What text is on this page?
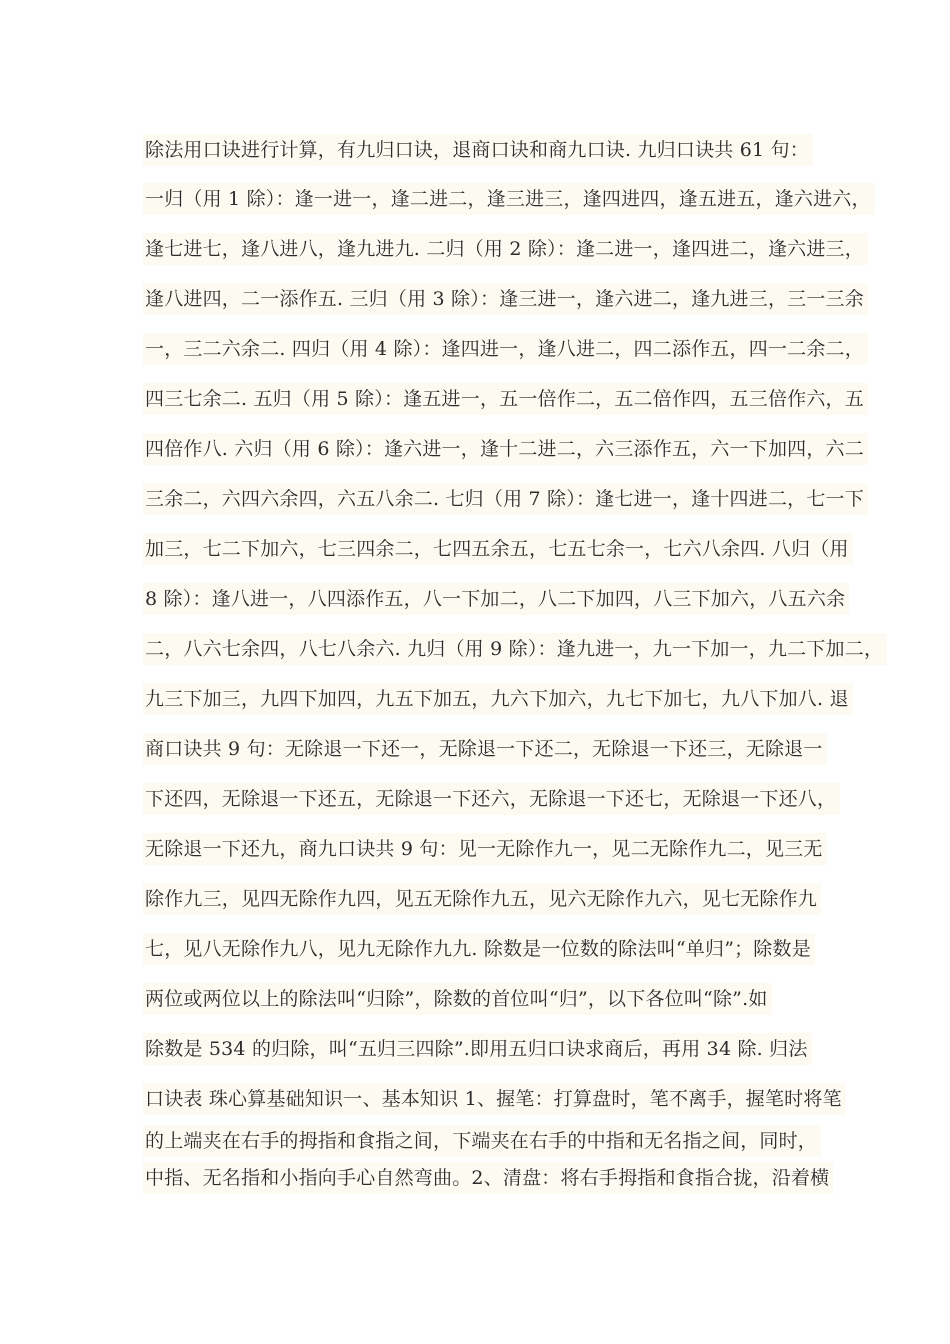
除法用口诀进行计算，有九归口诀，退商口诀和商九口诀. 九归口诀共 61 句：
一归（用 1 除）：逢一进一，逢二进二，逢三进三，逢四进四，逢五进五，逢六进六，
逢七进七，逢八进八，逢九进九. 二归（用 2 除）：逢二进一，逢四进二，逢六进三，
逢八进四，二一添作五. 三归（用 3 除）：逢三进一，逢六进二，逢九进三，三一三余
一，三二六余二. 四归（用 4 除）：逢四进一，逢八进二，四二添作五，四一二余二，
四三七余二. 五归（用 5 除）：逢五进一，五一倍作二，五二倍作四，五三倍作六，五
四倍作八. 六归（用 6 除）：逢六进一，逢十二进二，六三添作五，六一下加四，六二
三余二，六四六余四，六五八余二. 七归（用 7 除）：逢七进一，逢十四进二，七一下
加三，七二下加六，七三四余二，七四五余五，七五七余一，七六八余四. 八归（用
8 除）：逢八进一，八四添作五，八一下加二，八二下加四，八三下加六，八五六余
二，八六七余四，八七八余六. 九归（用 9 除）：逢九进一，九一下加一，九二下加二，
九三下加三，九四下加四，九五下加五，九六下加六，九七下加七，九八下加八. 退
商口诀共 9 句：无除退一下还一，无除退一下还二，无除退一下还三，无除退一
下还四，无除退一下还五，无除退一下还六，无除退一下还七，无除退一下还八，
无除退一下还九，商九口诀共 9 句：见一无除作九一，见二无除作九二，见三无
除作九三，见四无除作九四，见五无除作九五，见六无除作九六，见七无除作九
七，见八无除作九八，见九无除作九九. 除数是一位数的除法叫“单归”；除数是
两位或两位以上的除法叫“归除”，除数的首位叫“归”，以下各位叫“除”.如
除数是 534 的归除，叫“五归三四除”.即用五归口诀求商后，再用 34 除. 归法
口诀表 珠心算基础知识一、基本知识 1、握笔：打算盘时，笔不离手，握笔时将笔
的上端夹在右手的拇指和食指之间，下端夹在右手的中指和无名指之间，同时，
中指、无名指和小指向手心自然弯曲。2、清盘：将右手拇指和食指合拢，沿着横
